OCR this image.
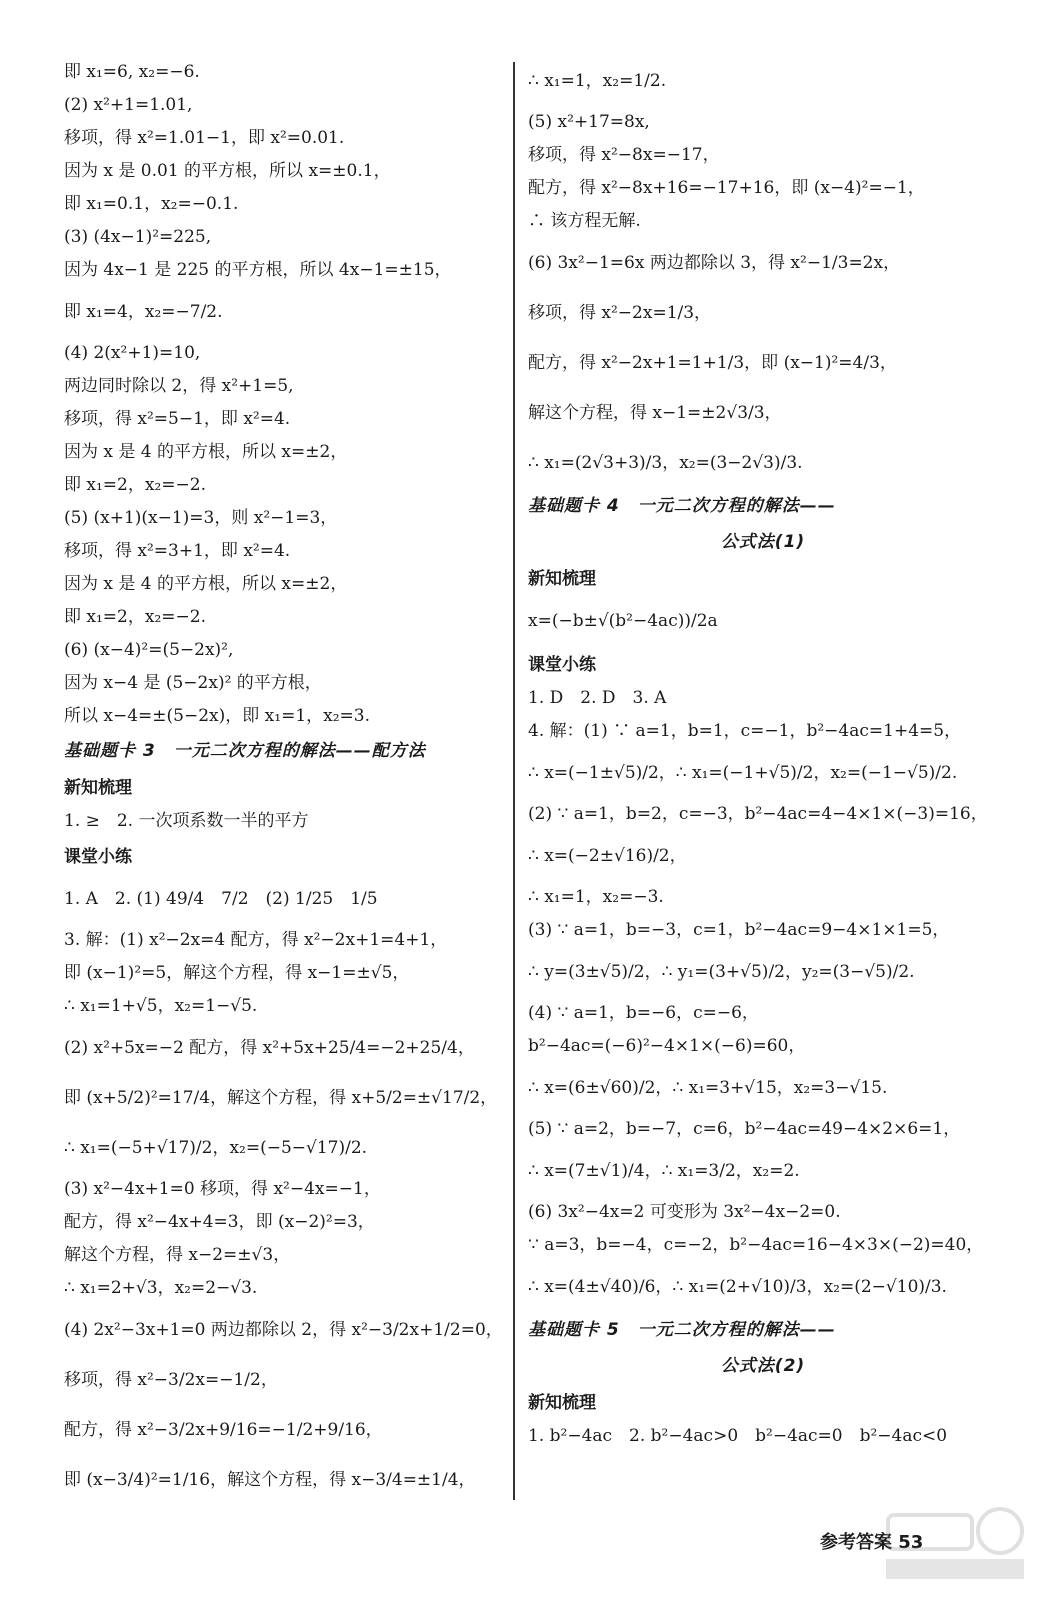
即 x₁=6, x₂=−6.
(2) x²+1=1.01,
移项，得 x²=1.01−1，即 x²=0.01.
因为 x 是 0.01 的平方根，所以 x=±0.1，
即 x₁=0.1，x₂=−0.1.
(3) (4x−1)²=225,
因为 4x−1 是 225 的平方根，所以 4x−1=±15，
即 x₁=4，x₂=−7/2.
(4) 2(x²+1)=10,
两边同时除以 2，得 x²+1=5,
移项，得 x²=5−1，即 x²=4.
因为 x 是 4 的平方根，所以 x=±2，
即 x₁=2，x₂=−2.
(5) (x+1)(x−1)=3，则 x²−1=3，
移项，得 x²=3+1，即 x²=4.
因为 x 是 4 的平方根，所以 x=±2，
即 x₁=2，x₂=−2.
(6) (x−4)²=(5−2x)²,
因为 x−4 是 (5−2x)² 的平方根，
所以 x−4=±(5−2x)，即 x₁=1，x₂=3.
基础题卡 3　一元二次方程的解法——配方法
新知梳理
1. ≥　2. 一次项系数一半的平方
课堂小练
1. A　2. (1) 49/4　7/2　(2) 1/25　1/5
3. 解：(1) x²−2x=4 配方，得 x²−2x+1=4+1，
即 (x−1)²=5，解这个方程，得 x−1=±√5，
∴ x₁=1+√5，x₂=1−√5.
(2) x²+5x=−2 配方，得 x²+5x+25/4=−2+25/4，
即 (x+5/2)²=17/4，解这个方程，得 x+5/2=±√17/2，
∴ x₁=(−5+√17)/2，x₂=(−5−√17)/2.
(3) x²−4x+1=0 移项，得 x²−4x=−1，
配方，得 x²−4x+4=3，即 (x−2)²=3，
解这个方程，得 x−2=±√3，
∴ x₁=2+√3，x₂=2−√3.
(4) 2x²−3x+1=0 两边都除以 2，得 x²−3/2x+1/2=0，
移项，得 x²−3/2x=−1/2，
配方，得 x²−3/2x+9/16=−1/2+9/16，
即 (x−3/4)²=1/16，解这个方程，得 x−3/4=±1/4，
∴ x₁=1，x₂=1/2.
(5) x²+17=8x,
移项，得 x²−8x=−17，
配方，得 x²−8x+16=−17+16，即 (x−4)²=−1，
∴ 该方程无解.
(6) 3x²−1=6x 两边都除以 3，得 x²−1/3=2x，
移项，得 x²−2x=1/3，
配方，得 x²−2x+1=1+1/3，即 (x−1)²=4/3，
解这个方程，得 x−1=±2√3/3，
∴ x₁=(2√3+3)/3，x₂=(3−2√3)/3.
基础题卡 4　一元二次方程的解法——
公式法(1)
新知梳理
x=(−b±√(b²−4ac))/2a
课堂小练
1. D　2. D　3. A
4. 解：(1) ∵ a=1，b=1，c=−1，b²−4ac=1+4=5，
∴ x=(−1±√5)/2，∴ x₁=(−1+√5)/2，x₂=(−1−√5)/2.
(2) ∵ a=1，b=2，c=−3，b²−4ac=4−4×1×(−3)=16，
∴ x=(−2±√16)/2，
∴ x₁=1，x₂=−3.
(3) ∵ a=1，b=−3，c=1，b²−4ac=9−4×1×1=5，
∴ y=(3±√5)/2，∴ y₁=(3+√5)/2，y₂=(3−√5)/2.
(4) ∵ a=1，b=−6，c=−6，
b²−4ac=(−6)²−4×1×(−6)=60，
∴ x=(6±√60)/2，∴ x₁=3+√15，x₂=3−√15.
(5) ∵ a=2，b=−7，c=6，b²−4ac=49−4×2×6=1，
∴ x=(7±√1)/4，∴ x₁=3/2，x₂=2.
(6) 3x²−4x=2 可变形为 3x²−4x−2=0.
∵ a=3，b=−4，c=−2，b²−4ac=16−4×3×(−2)=40，
∴ x=(4±√40)/6，∴ x₁=(2+√10)/3，x₂=(2−√10)/3.
基础题卡 5　一元二次方程的解法——
公式法(2)
新知梳理
1. b²−4ac　2. b²−4ac>0　b²−4ac=0　b²−4ac<0
参考答案 53
